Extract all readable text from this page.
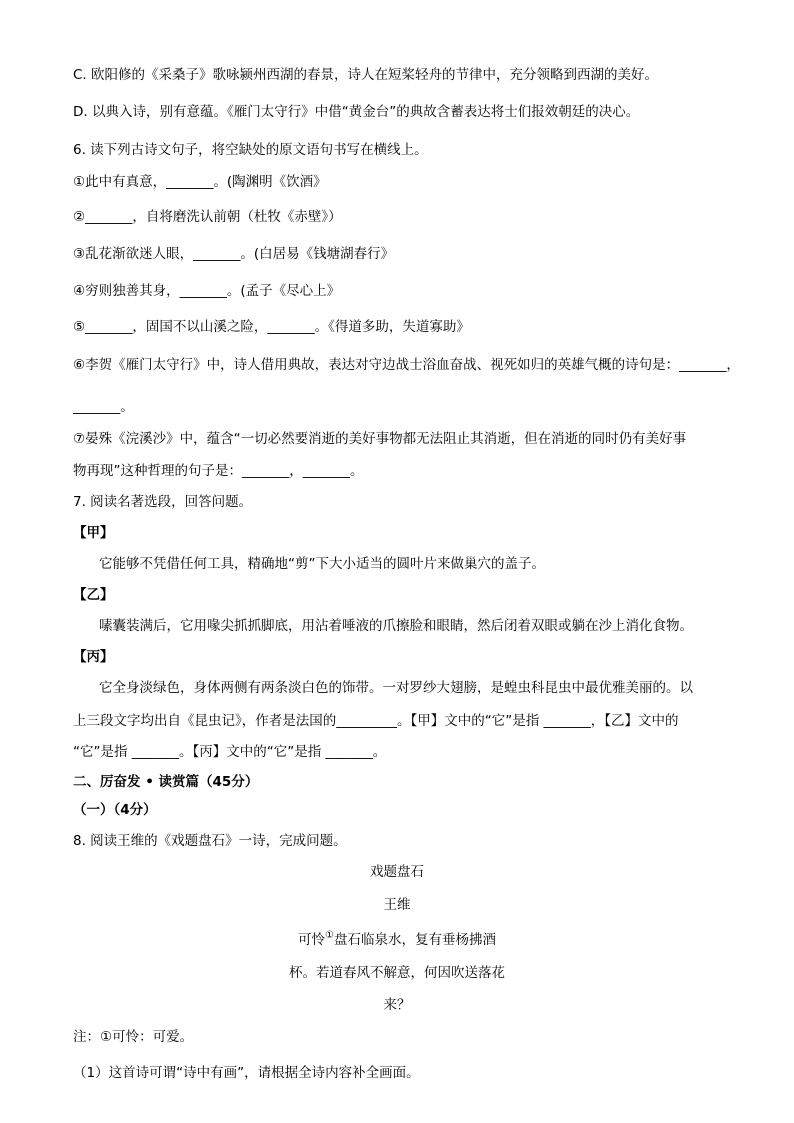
C. 欧阳修的《采桑子》歌咏颍州西湖的春景，诗人在短桨轻舟的节律中，充分领略到西湖的美好。
D. 以典入诗，别有意蕴。《雁门太守行》中借“黄金台”的典故含蓄表达将士们报效朝廷的决心。
6. 读下列古诗文句子，将空缺处的原文语句书写在横线上。
①此中有真意，_______。(陶渊明《饮酒》
②_______，自将磨洗认前朝（杜牧《赤壁》）
③乱花渐欲迷人眼，_______。(白居易《钱塘湖春行》
④穷则独善其身，_______。(孟子《尽心上》
⑤_______，固国不以山溪之险，_______。《得道多助，失道寡助》
⑥李贺《雁门太守行》中，诗人借用典故，表达对守边战士浴血奋战、视死如归的英雄气概的诗句是：_______，
_______。
⑦晏殊《浣溪沙》中，蕴含“一切必然要消逝的美好事物都无法阻止其消逝，但在消逝的同时仍有美好事
物再现”这种哲理的句子是：_______，_______。
7. 阅读名著选段，回答问题。
【甲】
它能够不凭借任何工具，精确地“剪”下大小适当的圆叶片来做巢穴的盖子。
【乙】
嗉囊装满后，它用喙尖抓抓脚底，用沾着唾液的爪擦脸和眼睛，然后闭着双眼或躺在沙上消化食物。
【丙】
它全身淡绿色，身体两侧有两条淡白色的饰带。一对罗纱大翅膀，是蝗虫科昆虫中最优雅美丽的。以
上三段文字均出自《昆虫记》，作者是法国的_________。【甲】文中的“它”是指 _______，【乙】文中的
“它”是指 _______。【丙】文中的“它”是指 _______。
二、厉奋发 • 读赏篇（45分）
（一）（4分）
8. 阅读王维的《戏题盘石》一诗，完成问题。
戏题盘石
王维
可怜①盘石临泉水，复有垂杨拂酒
杯。若道春风不解意，何因吹送落花
来？
注：①可怜：可爱。
（1）这首诗可谓“诗中有画”，请根据全诗内容补全画面。
